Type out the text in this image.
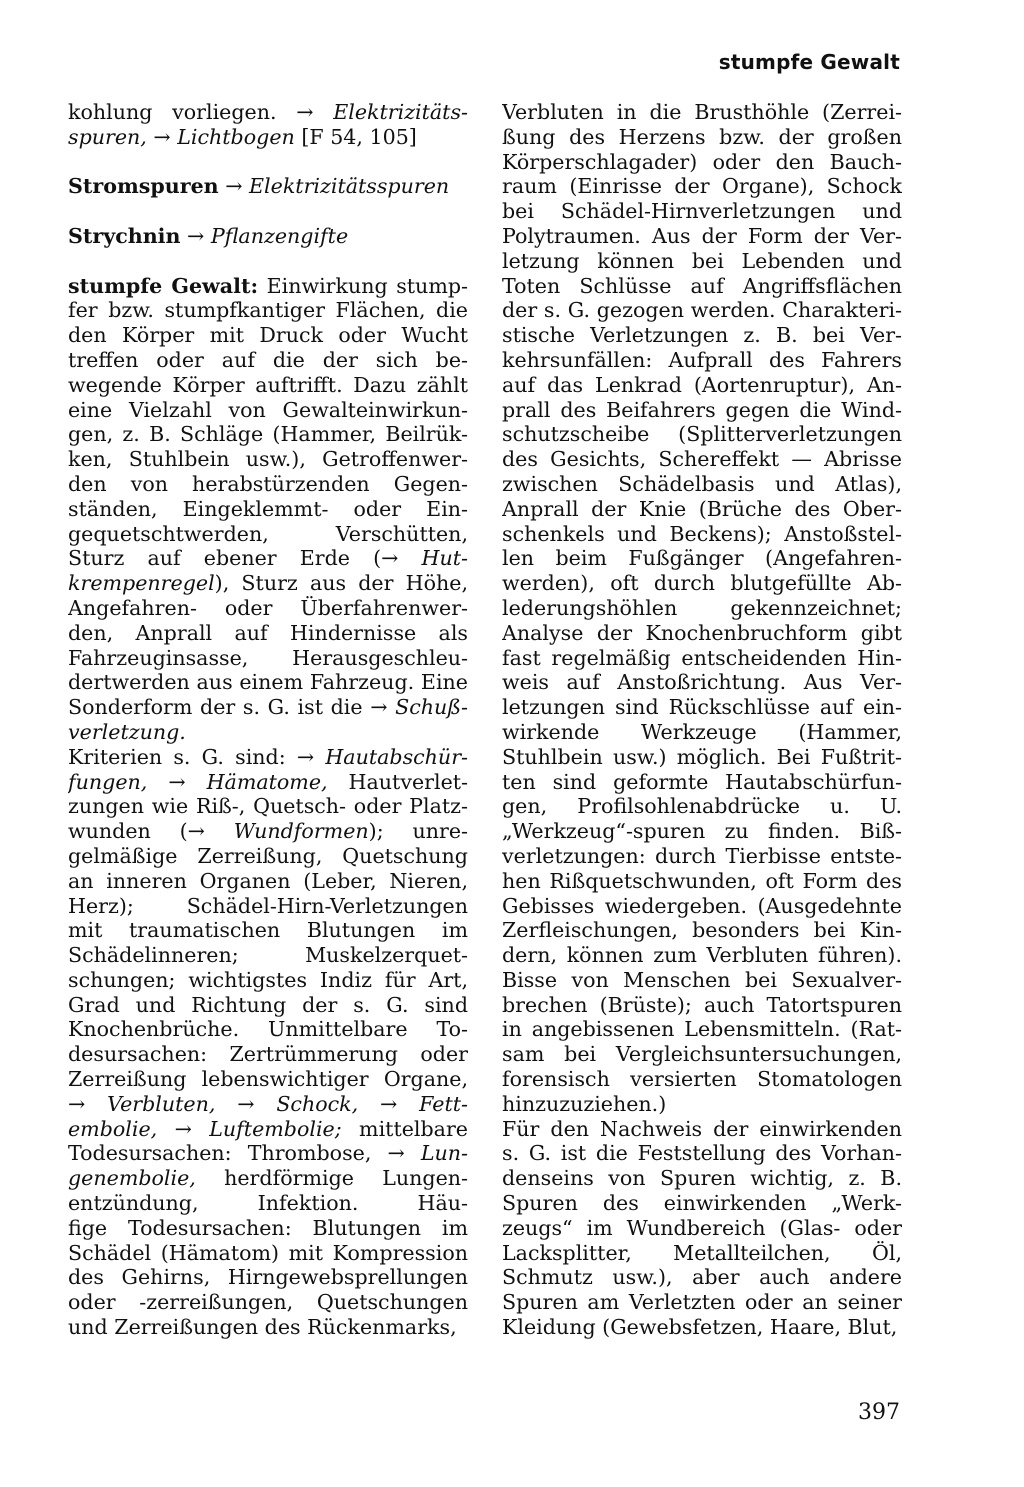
stumpfe Gewalt
kohlung vorliegen. → Elektrizitäts-
spuren, → Lichtbogen [F 54, 105]
Stromspuren → Elektrizitätsspuren
Strychnin → Pflanzengifte
stumpfe Gewalt: Einwirkung stump-
fer bzw. stumpfkantiger Flächen, die
den Körper mit Druck oder Wucht
treffen oder auf die der sich be-
wegende Körper auftrifft. Dazu zählt
eine Vielzahl von Gewalteinwirkun-
gen, z. B. Schläge (Hammer, Beilrük-
ken, Stuhlbein usw.), Getroffenwer-
den von herabstürzenden Gegen-
ständen, Eingeklemmt- oder Ein-
gequetschtwerden, Verschütten,
Sturz auf ebener Erde (→ Hut-
krempenregel), Sturz aus der Höhe,
Angefahren- oder Überfahrenwer-
den, Anprall auf Hindernisse als
Fahrzeuginsasse, Herausgeschleu-
dertwerden aus einem Fahrzeug. Eine
Sonderform der s. G. ist die → Schuß-
verletzung.
Kriterien s. G. sind: → Hautabschür-
fungen, → Hämatome, Hautverlet-
zungen wie Riß-, Quetsch- oder Platz-
wunden (→ Wundformen); unre-
gelmäßige Zerreißung, Quetschung
an inneren Organen (Leber, Nieren,
Herz); Schädel-Hirn-Verletzungen
mit traumatischen Blutungen im
Schädelinneren; Muskelzerquet-
schungen; wichtigstes Indiz für Art,
Grad und Richtung der s. G. sind
Knochenbrüche. Unmittelbare To-
desursachen: Zertrümmerung oder
Zerreißung lebenswichtiger Organe,
→ Verbluten, → Schock, → Fett-
embolie, → Luftembolie; mittelbare
Todesursachen: Thrombose, → Lun-
genembolie, herdförmige Lungen-
entzündung, Infektion. Häu-
fige Todesursachen: Blutungen im
Schädel (Hämatom) mit Kompression
des Gehirns, Hirngewebsprellungen
oder -zerreißungen, Quetschungen
und Zerreißungen des Rückenmarks,
Verbluten in die Brusthöhle (Zerrei-
ßung des Herzens bzw. der großen
Körperschlagader) oder den Bauch-
raum (Einrisse der Organe), Schock
bei Schädel-Hirnverletzungen und
Polytraumen. Aus der Form der Ver-
letzung können bei Lebenden und
Toten Schlüsse auf Angriffsflächen
der s. G. gezogen werden. Charakteri-
stische Verletzungen z. B. bei Ver-
kehrsunfällen: Aufprall des Fahrers
auf das Lenkrad (Aortenruptur), An-
prall des Beifahrers gegen die Wind-
schutzscheibe (Splitterverletzungen
des Gesichts, Schereffekt — Abrisse
zwischen Schädelbasis und Atlas),
Anprall der Knie (Brüche des Ober-
schenkels und Beckens); Anstoßstel-
len beim Fußgänger (Angefahren-
werden), oft durch blutgefüllte Ab-
lederungshöhlen gekennzeichnet;
Analyse der Knochenbruchform gibt
fast regelmäßig entscheidenden Hin-
weis auf Anstoßrichtung. Aus Ver-
letzungen sind Rückschlüsse auf ein-
wirkende Werkzeuge (Hammer,
Stuhlbein usw.) möglich. Bei Fußtrit-
ten sind geformte Hautabschürfun-
gen, Profilsohlenabdrücke u. U.
„Werkzeug“-spuren zu finden. Biß-
verletzungen: durch Tierbisse entste-
hen Rißquetschwunden, oft Form des
Gebisses wiedergeben. (Ausgedehnte
Zerfleischungen, besonders bei Kin-
dern, können zum Verbluten führen).
Bisse von Menschen bei Sexualver-
brechen (Brüste); auch Tatortspuren
in angebissenen Lebensmitteln. (Rat-
sam bei Vergleichsuntersuchungen,
forensisch versierten Stomatologen
hinzuzuziehen.)
Für den Nachweis der einwirkenden
s. G. ist die Feststellung des Vorhan-
denseins von Spuren wichtig, z. B.
Spuren des einwirkenden „Werk-
zeugs“ im Wundbereich (Glas- oder
Lacksplitter, Metallteilchen, Öl,
Schmutz usw.), aber auch andere
Spuren am Verletzten oder an seiner
Kleidung (Gewebsfetzen, Haare, Blut,
397
